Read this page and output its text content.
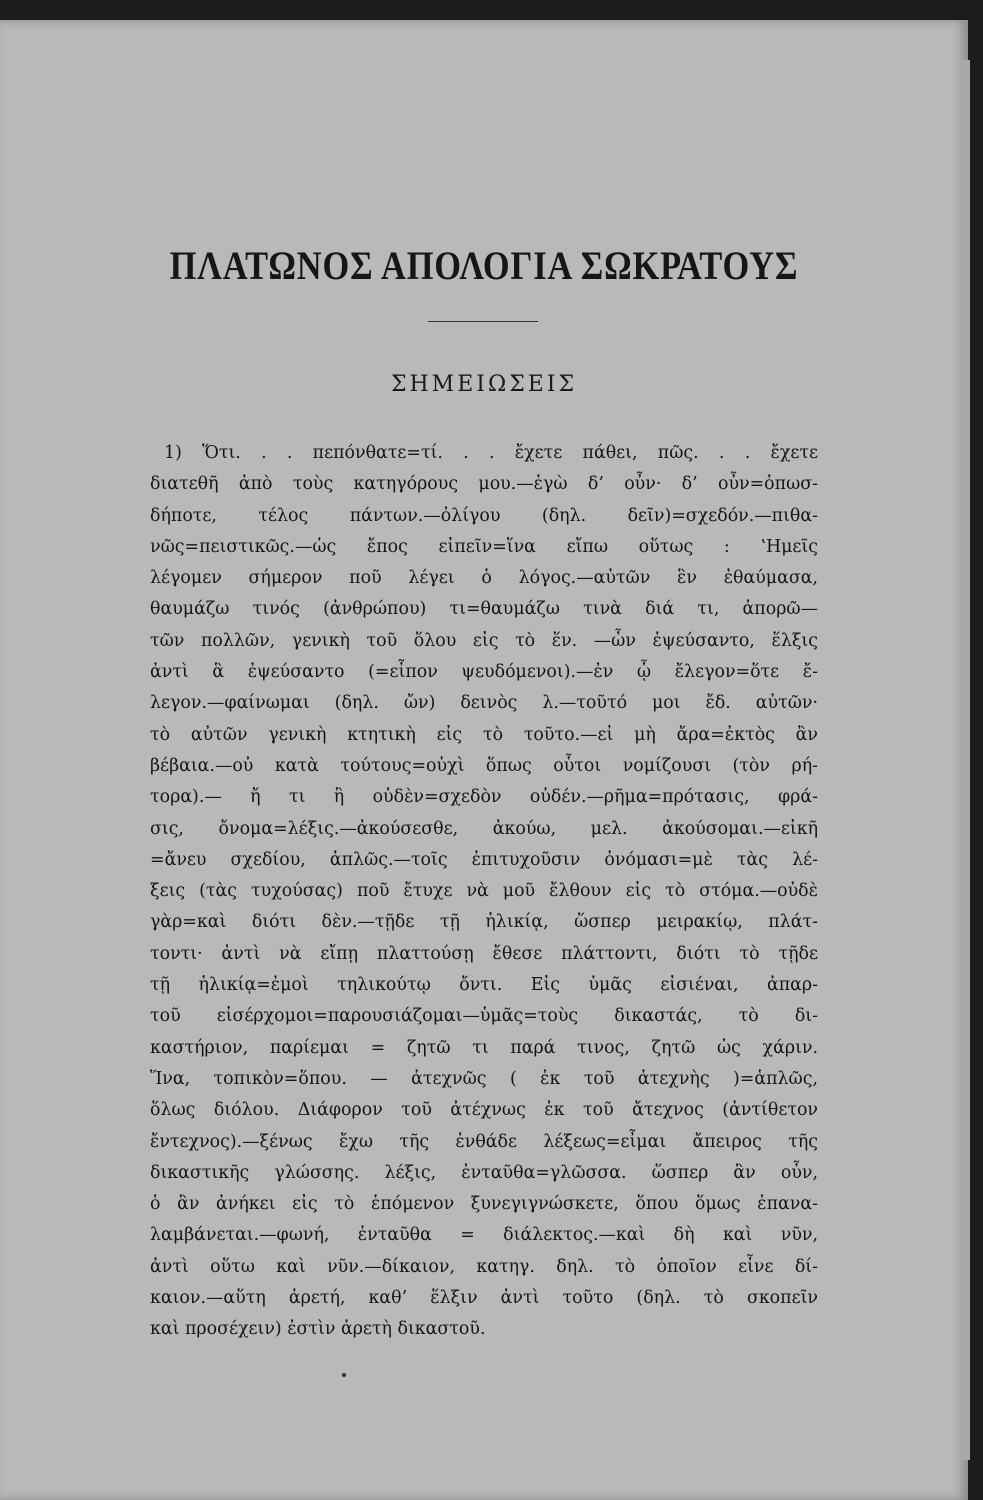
ΠΛΑΤΩΝΟΣ ΑΠΟΛΟΓΙΑ ΣΩΚΡΑΤΟΥΣ
ΣΗΜΕΙΩΣΕΙΣ
1) Ὅτι. . . πεπόνθατε=τί. . . ἔχετε πάθει, πῶς. . . ἔχετε
διατεθῆ ἀπὸ τοὺς κατηγόρους μου.—ἐγὼ δ’ οὖν· δ’ οὖν=ὁπωσ-
δήποτε, τέλος πάντων.—ὀλίγου (δηλ. δεῖν)=σχεδόν.—πιθα-
νῶς=πειστικῶς.—ὡς ἔπος εἰπεῖν=ἵνα εἴπω οὕτως : ʽΗμεῖς
λέγομεν σήμερον ποῦ λέγει ὁ λόγος.—αὐτῶν ἓν ἐθαύμασα,
θαυμάζω τινός (ἀνθρώπου) τι=θαυμάζω τινὰ διά τι, ἀπορῶ—
τῶν πολλῶν, γενικὴ τοῦ ὅλου εἰς τὸ ἕν. —ὧν ἐψεύσαντο, ἕλξις
ἀντὶ ἃ ἐψεύσαντο (=εἶπον ψευδόμενοι).—ἐν ᾧ ἔλεγον=ὅτε ἔ-
λεγον.—φαίνωμαι (δηλ. ὤν) δεινὸς λ.—τοῦτό μοι ἔδ. αὐτῶν·
τὸ αὐτῶν γενικὴ κτητικὴ εἰς τὸ τοῦτο.—εἰ μὴ ἄρα=ἐκτὸς ἂν
βέβαια.—οὐ κατὰ τούτους=οὐχὶ ὅπως οὗτοι νομίζουσι (τὸν ρή-
τορα).— ἤ τι ἢ οὐδὲν=σχεδὸν οὐδέν.—ρῆμα=πρότασις, φρά-
σις, ὄνομα=λέξις.—ἀκούσεσθε, ἀκούω, μελ. ἀκούσομαι.—εἰκῆ
=ἄνευ σχεδίου, ἁπλῶς.—τοῖς ἐπιτυχοῦσιν ὀνόμασι=μὲ τὰς λέ-
ξεις (τὰς τυχούσας) ποῦ ἔτυχε νὰ μοῦ ἔλθουν εἰς τὸ στόμα.—οὐδὲ
γὰρ=καὶ διότι δὲν.—τῇδε τῇ ἡλικίᾳ, ὥσπερ μειρακίῳ, πλάτ-
τοντι· ἀντὶ νὰ εἴπῃ πλαττούσῃ ἔθεσε πλάττοντι, διότι τὸ τῇδε
τῇ ἡλικίᾳ=ἐμοὶ τηλικούτῳ ὄντι. Εἰς ὑμᾶς εἰσιέναι, ἀπαρ-
τοῦ εἰσέρχομοι=παρουσιάζομαι—ὑμᾶς=τοὺς δικαστάς, τὸ δι-
καστήριον, παρίεμαι = ζητῶ τι παρά τινος, ζητῶ ὡς χάριν.
Ἵνα, τοπικὸν=ὅπου. — ἀτεχνῶς ( ἐκ τοῦ ἀτεχνὴς )=ἁπλῶς,
ὅλως διόλου. Διάφορον τοῦ ἀτέχνως ἐκ τοῦ ἄτεχνος (ἀντίθετον
ἔντεχνος).—ξένως ἔχω τῆς ἐνθάδε λέξεως=εἶμαι ἄπειρος τῆς
δικαστικῆς γλώσσης. λέξις, ἐνταῦθα=γλῶσσα. ὥσπερ ἂν οὖν,
ὁ ἂν ἀνήκει εἰς τὸ ἑπόμενον ξυνεγιγνώσκετε, ὅπου ὅμως ἐπανα-
λαμβάνεται.—φωνή, ἐνταῦθα = διάλεκτος.—καὶ δὴ καὶ νῦν,
ἀντὶ οὕτω καὶ νῦν.—δίκαιον, κατηγ. δηλ. τὸ ὁποῖον εἶνε δί-
καιον.—αὕτη ἀρετή, καθ’ ἕλξιν ἀντὶ τοῦτο (δηλ. τὸ σκοπεῖν
καὶ προσέχειν) ἐστὶν ἀρετὴ δικαστοῦ.
